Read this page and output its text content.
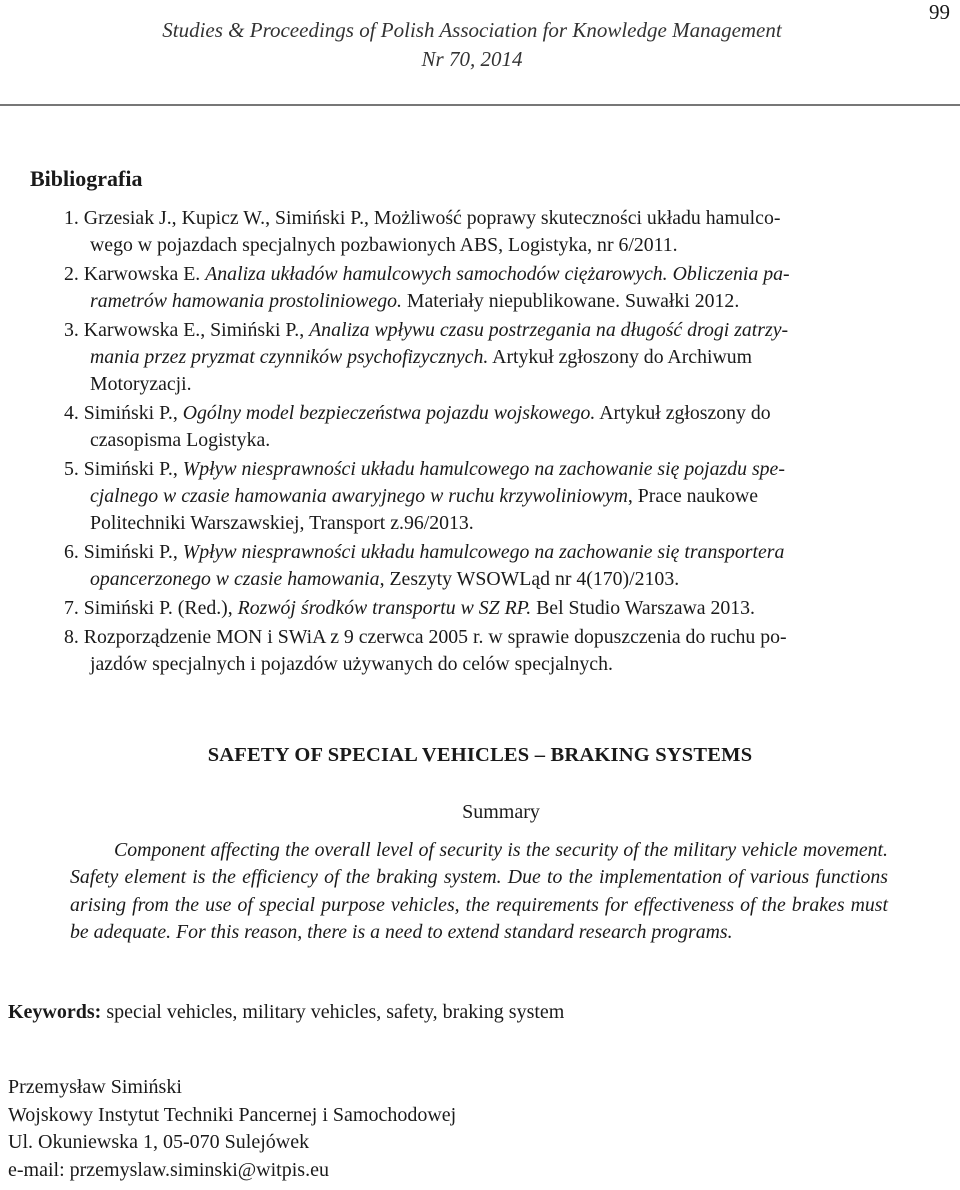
99
Studies & Proceedings of Polish Association for Knowledge Management
Nr 70, 2014
Bibliografia
1. Grzesiak J., Kupicz W., Simiński P., Możliwość poprawy skuteczności układu hamulco-
wego w pojazdach specjalnych pozbawionych ABS, Logistyka, nr 6/2011.
2. Karwowska E. Analiza układów hamulcowych samochodów ciężarowych. Obliczenia pa-
rametrów hamowania prostoliniowego. Materiały niepublikowane. Suwałki 2012.
3. Karwowska E., Simiński P., Analiza wpływu czasu postrzegania na długość drogi zatrzy-
mania przez pryzmat czynników psychofizycznych. Artykuł zgłoszony do Archiwum
Motoryzacji.
4. Simiński P., Ogólny model bezpieczeństwa pojazdu wojskowego. Artykuł zgłoszony do
czasopisma Logistyka.
5. Simiński P., Wpływ niesprawności układu hamulcowego na zachowanie się pojazdu spe-
cjalnego w czasie hamowania awaryjnego w ruchu krzywoliniowym, Prace naukowe
Politechniki Warszawskiej, Transport z.96/2013.
6. Simiński P., Wpływ niesprawności układu hamulcowego na zachowanie się transportera
opancerzonego w czasie hamowania, Zeszyty WSOWLąd nr 4(170)/2103.
7. Simiński P. (Red.), Rozwój środków transportu w SZ RP. Bel Studio Warszawa 2013.
8. Rozporządzenie MON i SWiA z 9 czerwca 2005 r. w sprawie dopuszczenia do ruchu po-
jazdów specjalnych i pojazdów używanych do celów specjalnych.
SAFETY OF SPECIAL VEHICLES – BRAKING SYSTEMS
Summary

Component affecting the overall level of security is the security of the military vehicle movement. Safety element is the efficiency of the braking system. Due to the implementation of various functions arising from the use of special purpose vehicles, the requirements for effectiveness of the brakes must be adequate. For this reason, there is a need to extend standard research programs.

Keywords: special vehicles, military vehicles, safety, braking system
Przemysław Simiński
Wojskowy Instytut Techniki Pancernej i Samochodowej
Ul. Okuniewska 1, 05-070 Sulejówek
e-mail: przemyslaw.siminski@witpis.eu
